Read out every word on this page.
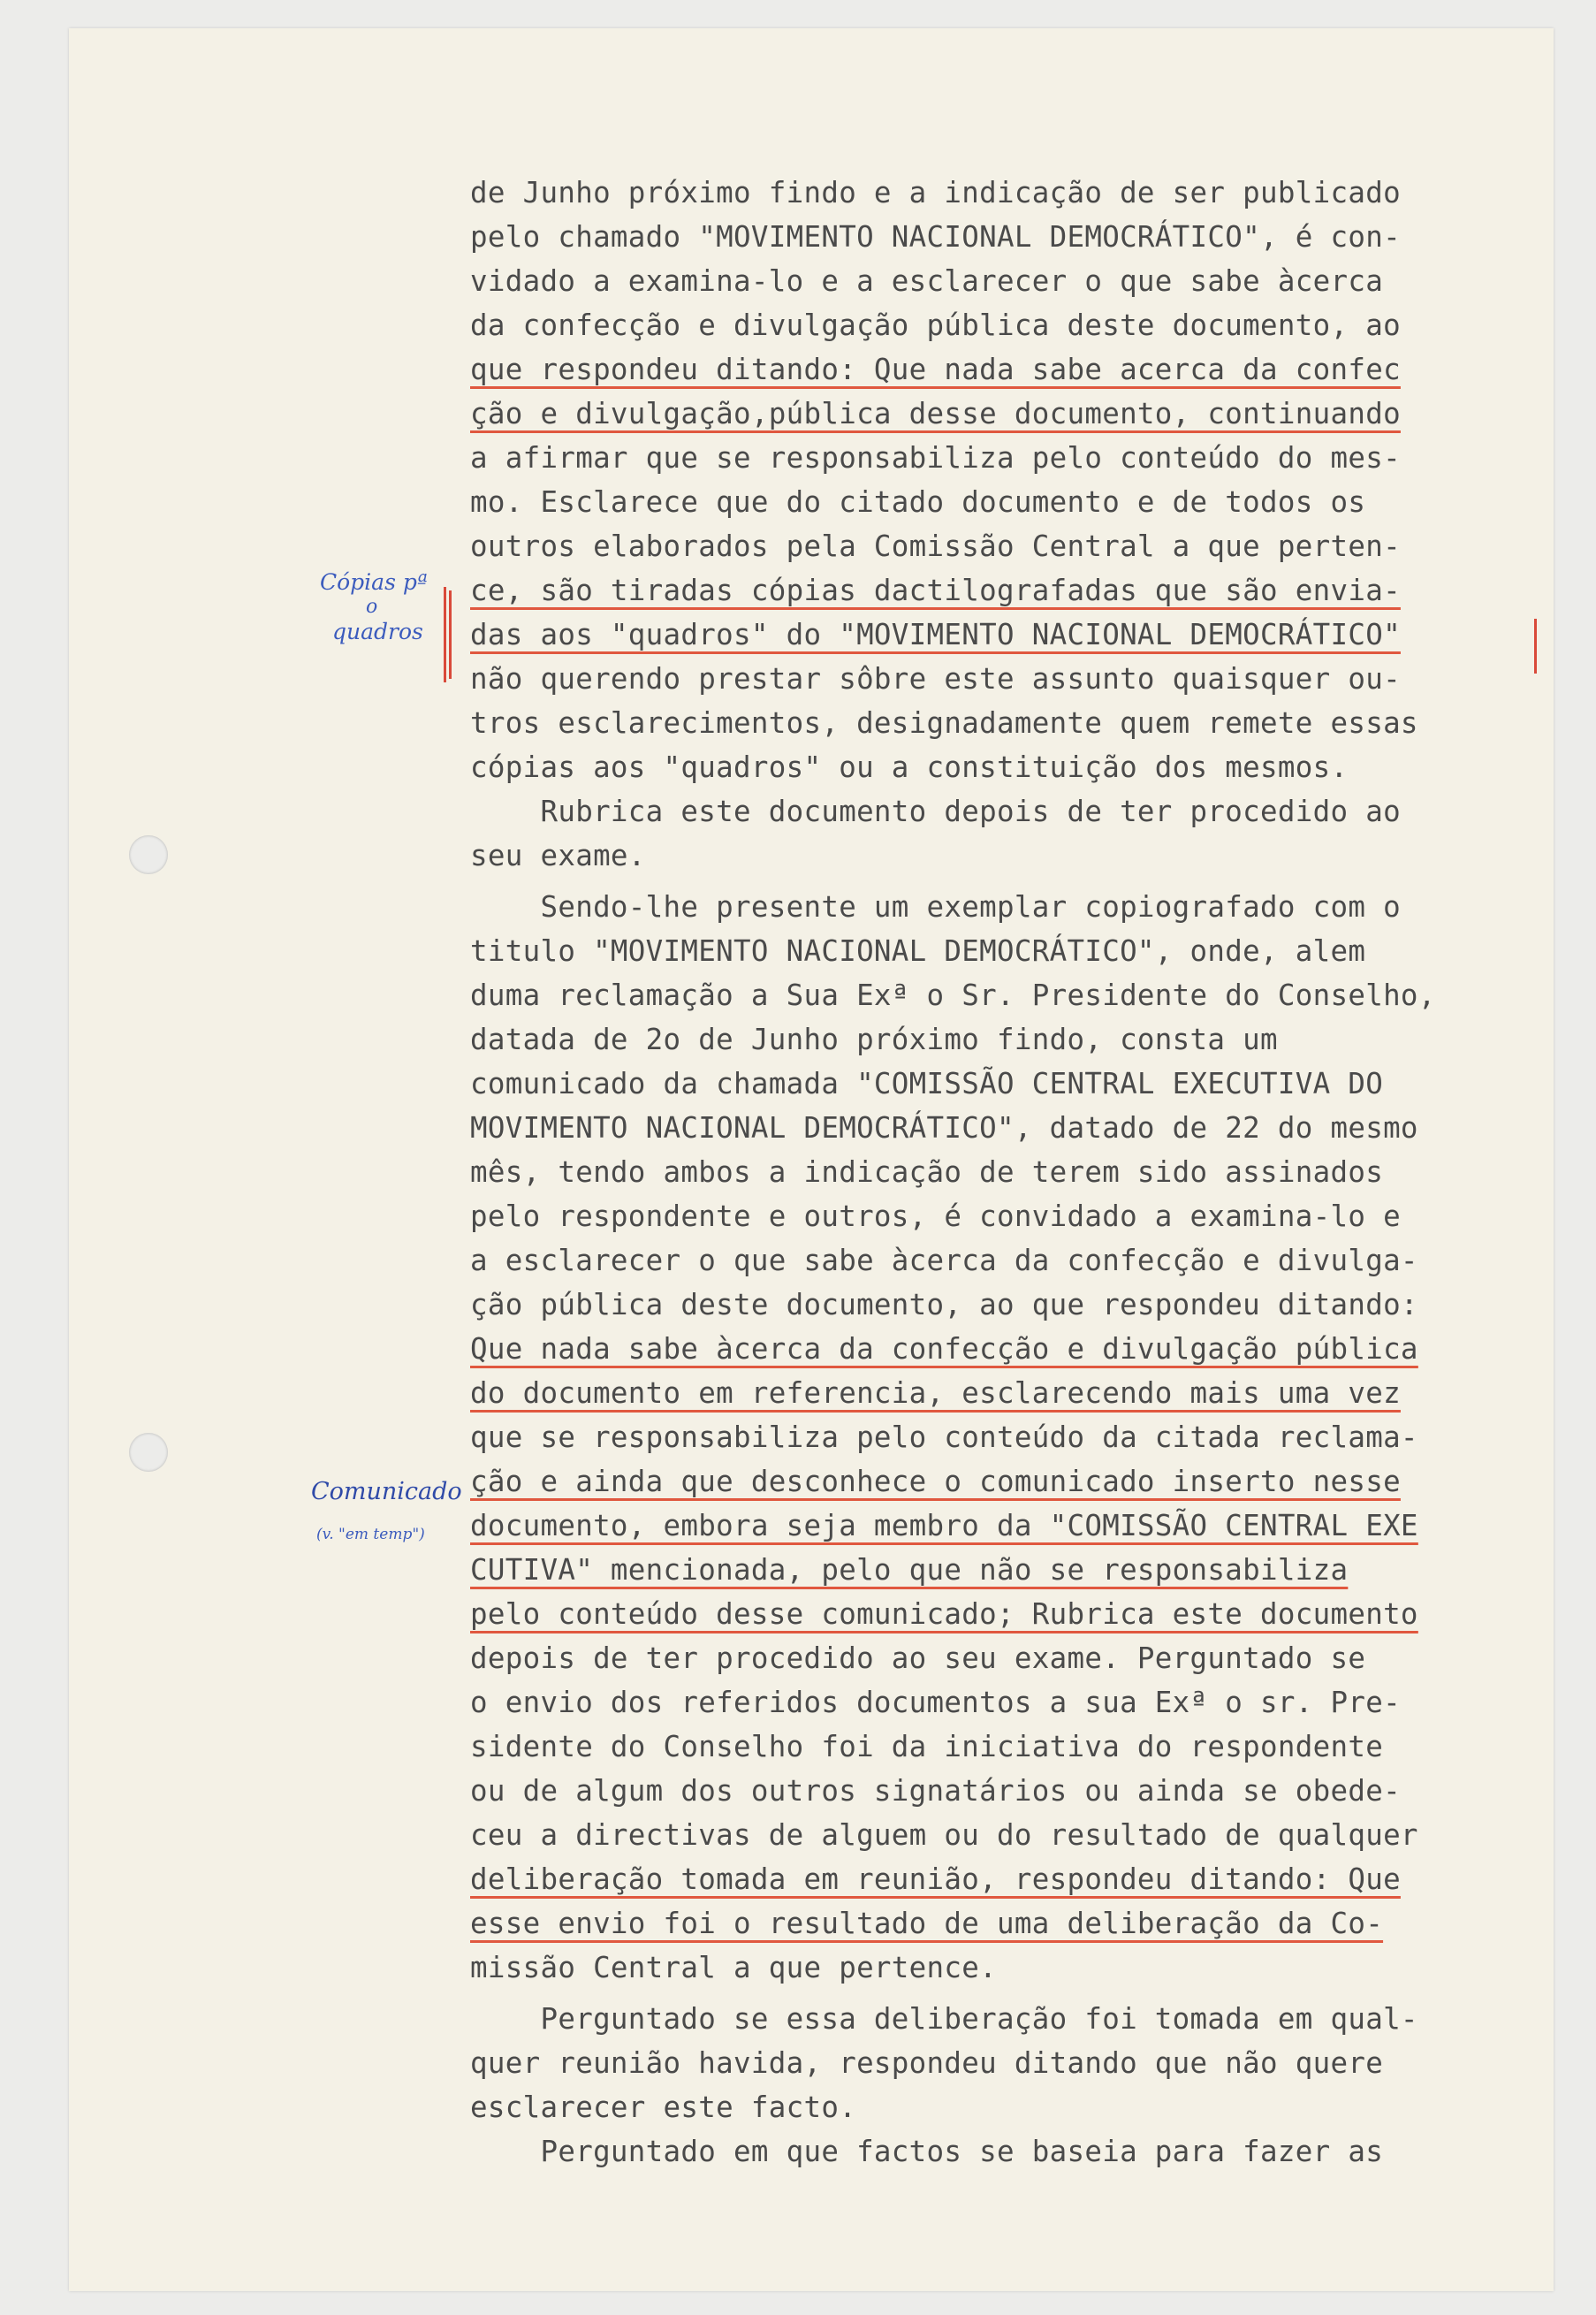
Cópias pª
o
quadros
Comunicado
(v. "em temp")
de Junho próximo findo e a indicação de ser publicado
pelo chamado "MOVIMENTO NACIONAL DEMOCRÁTICO", é con-
vidado a examina-lo e a esclarecer o que sabe àcerca
da confecção e divulgação pública deste documento, ao
que respondeu ditando: Que nada sabe acerca da confec
ção e divulgação,pública desse documento, continuando
a afirmar que se responsabiliza pelo conteúdo do mes-
mo. Esclarece que do citado documento e de todos os
outros elaborados pela Comissão Central a que perten-
ce, são tiradas cópias dactilografadas que são envia-
das aos "quadros" do "MOVIMENTO NACIONAL DEMOCRÁTICO"
não querendo prestar sôbre este assunto quaisquer ou-
tros esclarecimentos, designadamente quem remete essas
cópias aos "quadros" ou a constituição dos mesmos.
Rubrica este documento depois de ter procedido ao
seu exame.
Sendo-lhe presente um exemplar copiografado com o
titulo "MOVIMENTO NACIONAL DEMOCRÁTICO", onde, alem
duma reclamação a Sua Exª o Sr. Presidente do Conselho,
datada de 2o de Junho próximo findo, consta um
comunicado da chamada "COMISSÃO CENTRAL EXECUTIVA DO
MOVIMENTO NACIONAL DEMOCRÁTICO", datado de 22 do mesmo
mês, tendo ambos a indicação de terem sido assinados
pelo respondente e outros, é convidado a examina-lo e
a esclarecer o que sabe àcerca da confecção e divulga-
ção pública deste documento, ao que respondeu ditando:
Que nada sabe àcerca da confecção e divulgação pública
do documento em referencia, esclarecendo mais uma vez
que se responsabiliza pelo conteúdo da citada reclama-
ção e ainda que desconhece o comunicado inserto nesse
documento, embora seja membro da "COMISSÃO CENTRAL EXE
CUTIVA" mencionada, pelo que não se responsabiliza
pelo conteúdo desse comunicado; Rubrica este documento
depois de ter procedido ao seu exame. Perguntado se
o envio dos referidos documentos a sua Exª o sr. Pre-
sidente do Conselho foi da iniciativa do respondente
ou de algum dos outros signatários ou ainda se obede-
ceu a directivas de alguem ou do resultado de qualquer
deliberação tomada em reunião, respondeu ditando: Que
esse envio foi o resultado de uma deliberação da Co-
missão Central a que pertence.
Perguntado se essa deliberação foi tomada em qual-
quer reunião havida, respondeu ditando que não quere
esclarecer este facto.
Perguntado em que factos se baseia para fazer as
